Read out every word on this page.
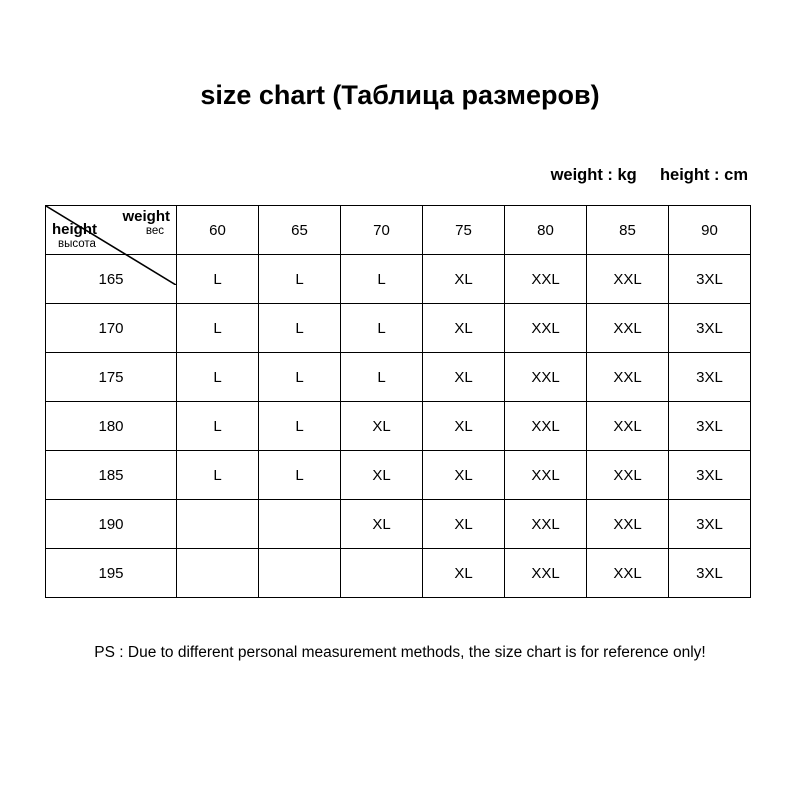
size chart (Таблица размеров)
weight : kg height : cm
weight
вес
height
высота	60	65	70	75	80	85	90
165	L	L	L	XL	XXL	XXL	3XL
170	L	L	L	XL	XXL	XXL	3XL
175	L	L	L	XL	XXL	XXL	3XL
180	L	L	XL	XL	XXL	XXL	3XL
185	L	L	XL	XL	XXL	XXL	3XL
190			XL	XL	XXL	XXL	3XL
195				XL	XXL	XXL	3XL
PS : Due to different personal measurement methods, the size chart is for reference only!
